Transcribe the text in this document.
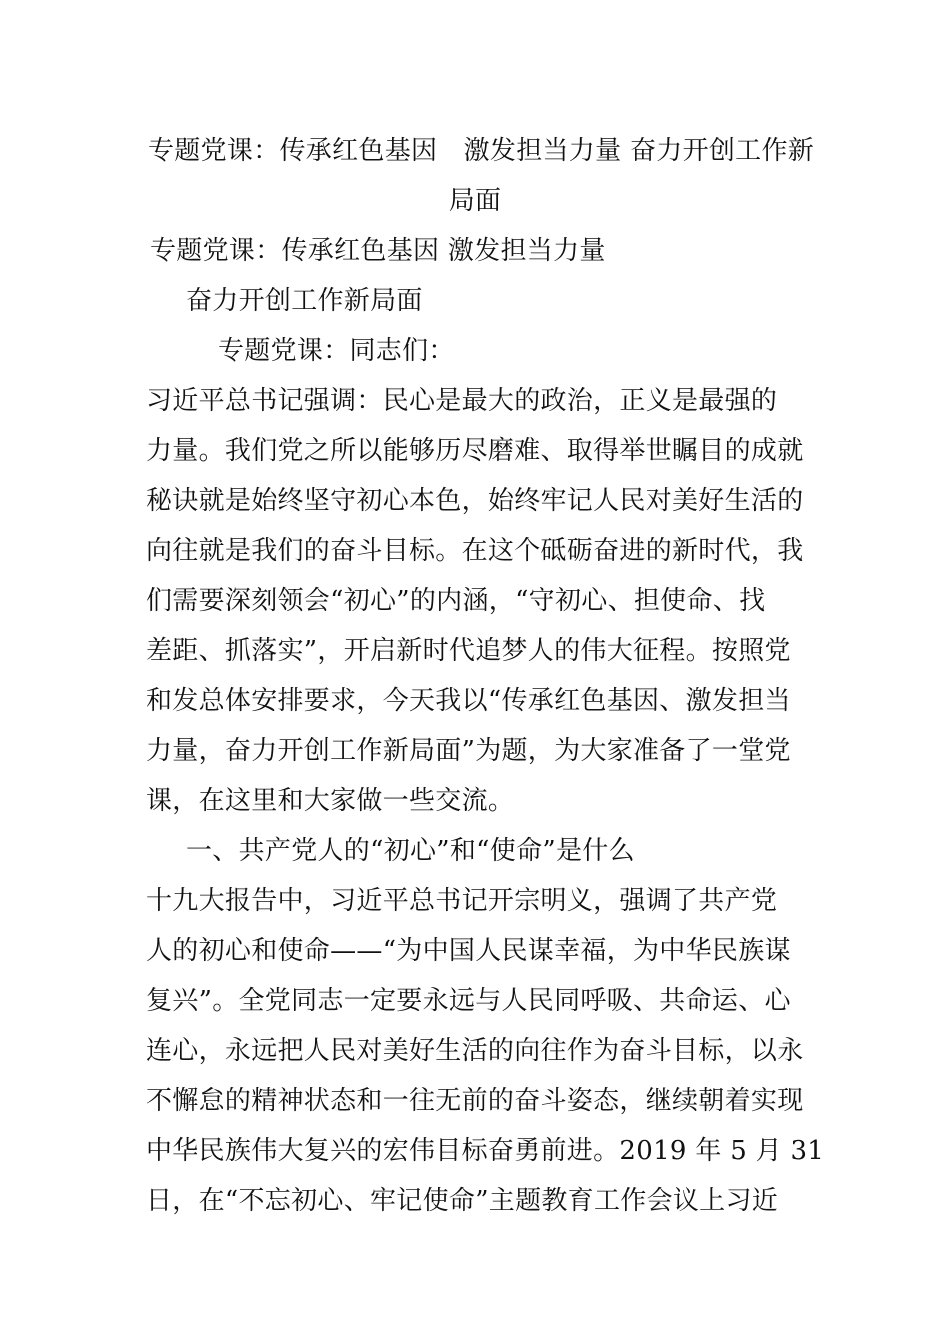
专题党课：传承红色基因　激发担当力量 奋力开创工作新
局面
专题党课：传承红色基因 激发担当力量
奋力开创工作新局面
专题党课：同志们：
习近平总书记强调：民心是最大的政治，正义是最强的
力量。我们党之所以能够历尽磨难、取得举世瞩目的成就
秘诀就是始终坚守初心本色，始终牢记人民对美好生活的
向往就是我们的奋斗目标。在这个砥砺奋进的新时代，我
们需要深刻领会“初心”的内涵，“守初心、担使命、找
差距、抓落实”，开启新时代追梦人的伟大征程。按照党
和发总体安排要求，今天我以“传承红色基因、激发担当
力量，奋力开创工作新局面”为题，为大家准备了一堂党
课，在这里和大家做一些交流。
一、共产党人的“初心”和“使命”是什么
十九大报告中，习近平总书记开宗明义，强调了共产党
人的初心和使命——“为中国人民谋幸福，为中华民族谋
复兴”。全党同志一定要永远与人民同呼吸、共命运、心
连心，永远把人民对美好生活的向往作为奋斗目标，以永
不懈怠的精神状态和一往无前的奋斗姿态，继续朝着实现
中华民族伟大复兴的宏伟目标奋勇前进。2019 年 5 月 31
日，在“不忘初心、牢记使命”主题教育工作会议上习近
